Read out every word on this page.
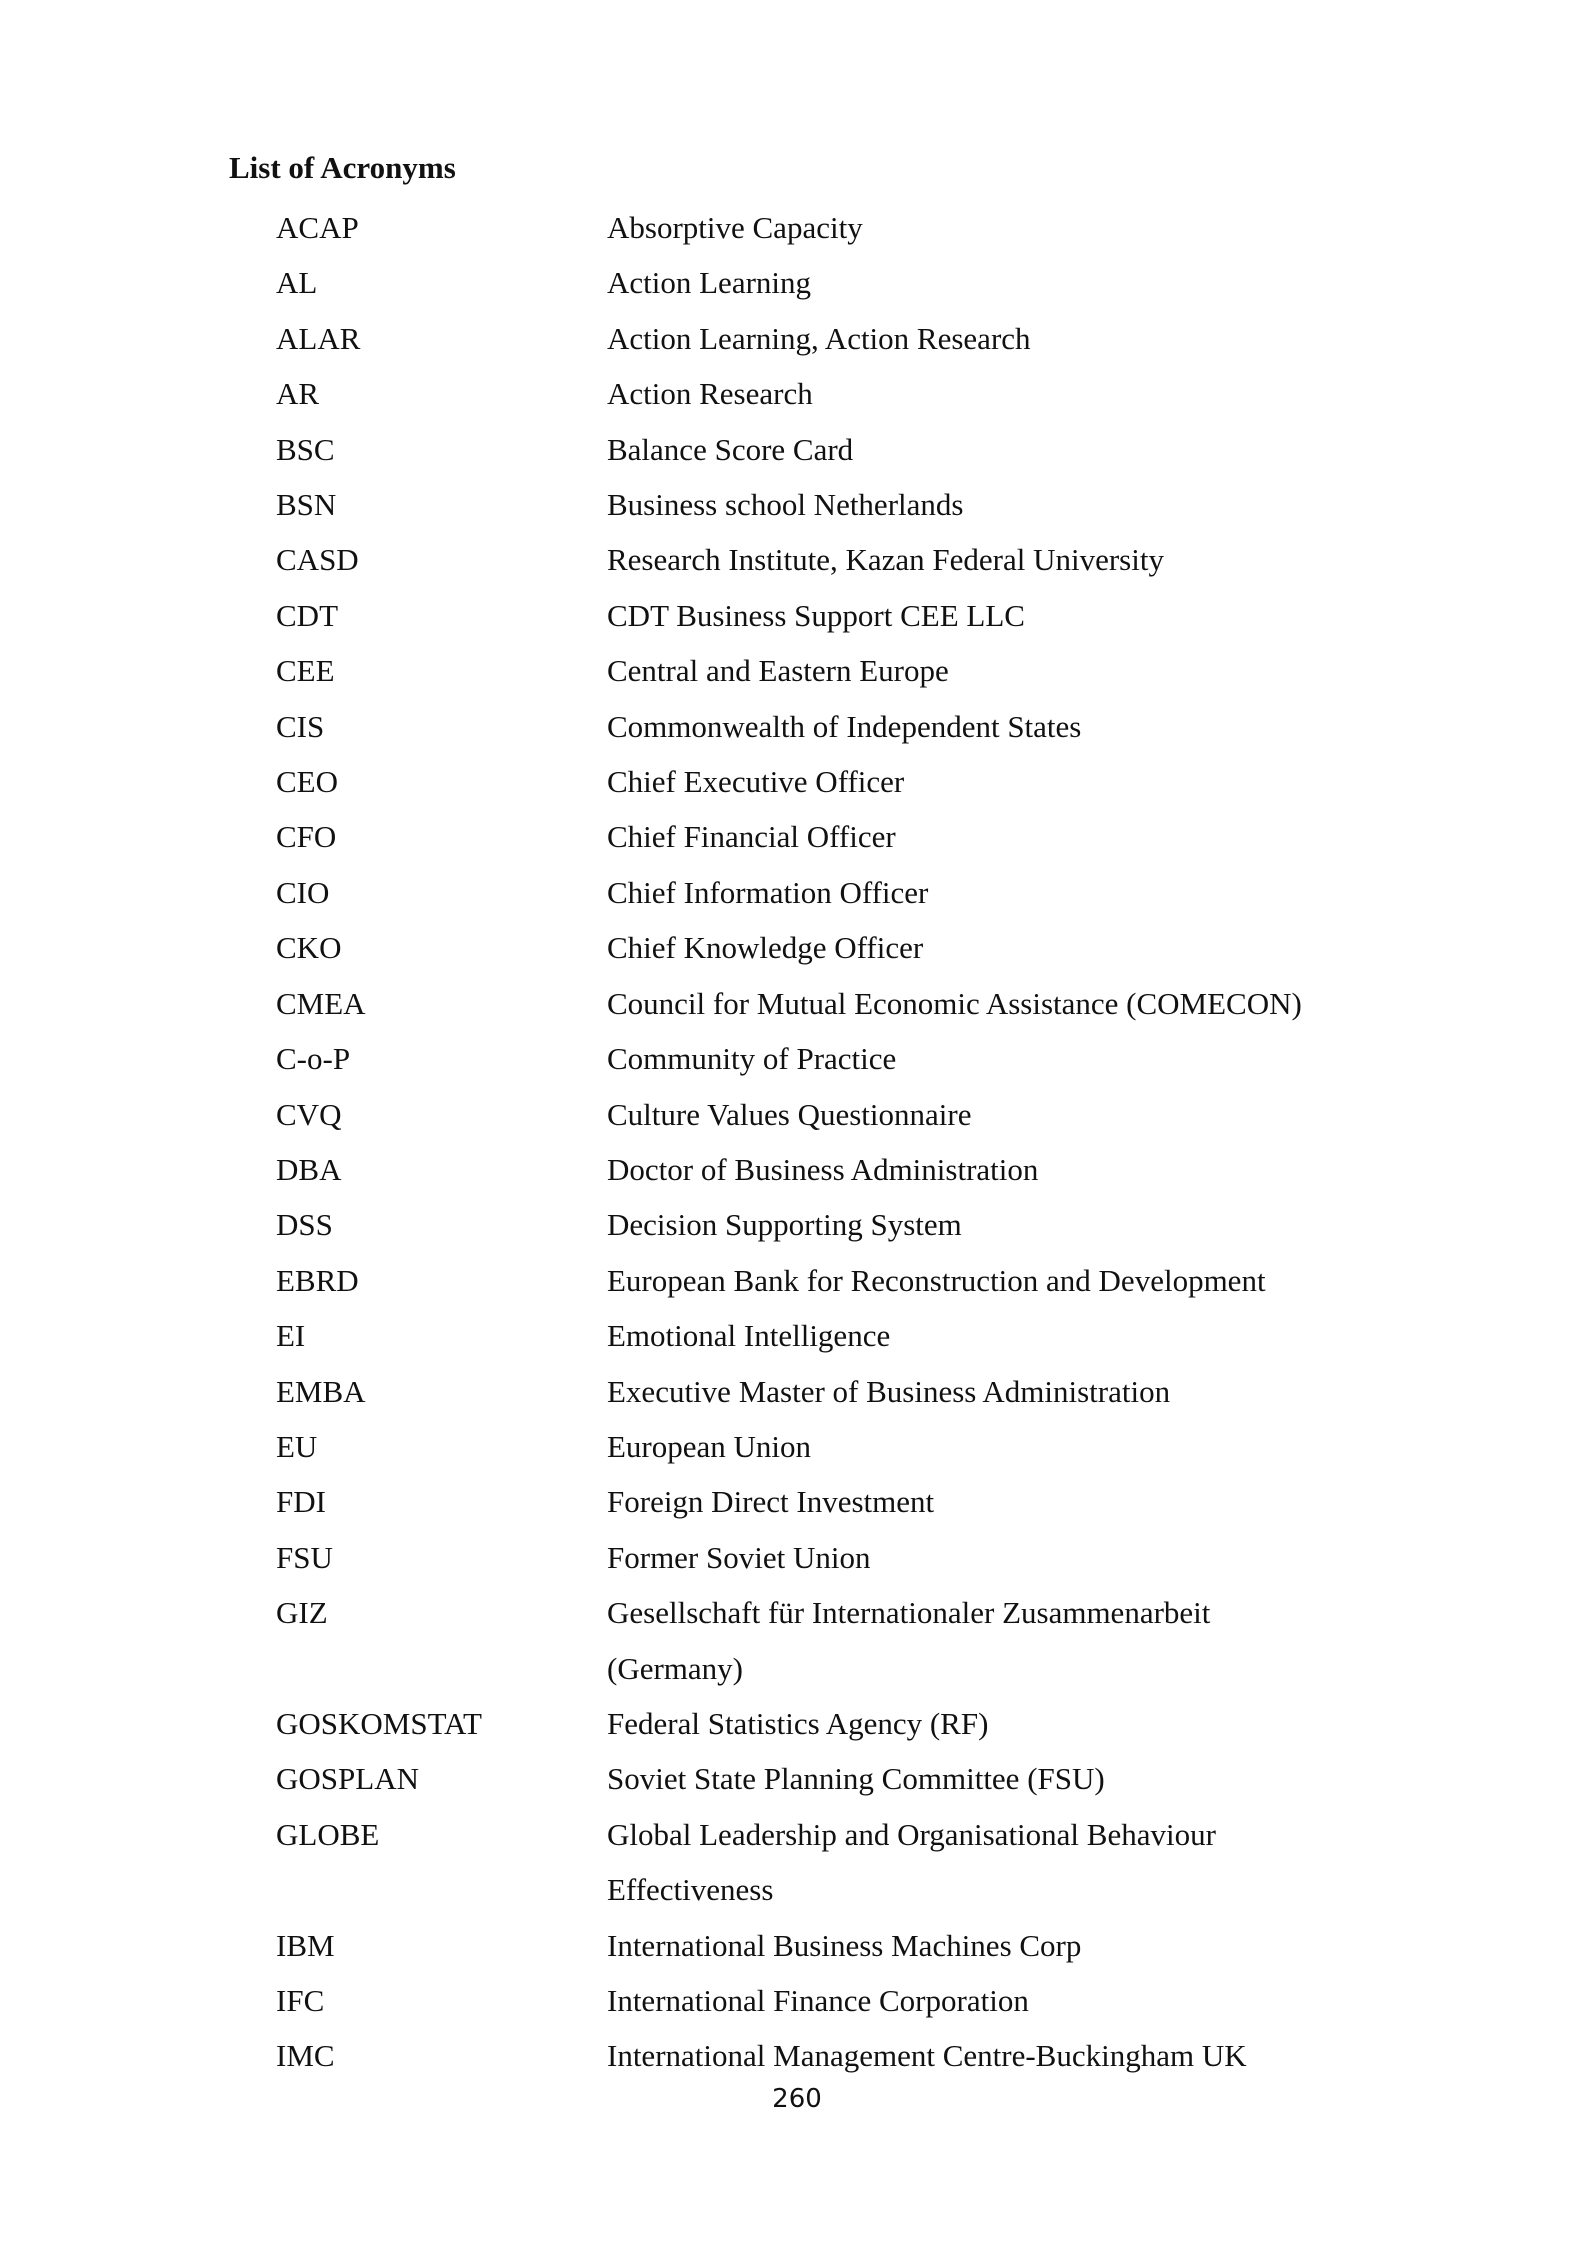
List of Acronyms
ACAP	Absorptive Capacity
AL	Action Learning
ALAR	Action Learning, Action Research
AR	Action Research
BSC	Balance Score Card
BSN	Business school Netherlands
CASD	Research Institute, Kazan Federal University
CDT	CDT Business Support CEE LLC
CEE	Central and Eastern Europe
CIS	Commonwealth of Independent States
CEO	Chief Executive Officer
CFO	Chief Financial Officer
CIO	Chief Information Officer
CKO	Chief Knowledge Officer
CMEA	Council for Mutual Economic Assistance (COMECON)
C-o-P	Community of Practice
CVQ	Culture Values Questionnaire
DBA	Doctor of Business Administration
DSS	Decision Supporting System
EBRD	European Bank for Reconstruction and Development
EI	Emotional Intelligence
EMBA	Executive Master of Business Administration
EU	European Union
FDI	Foreign Direct Investment
FSU	Former Soviet Union
GIZ	Gesellschaft für Internationaler Zusammenarbeit
(Germany)
GOSKOMSTAT	Federal Statistics Agency (RF)
GOSPLAN	Soviet State Planning Committee (FSU)
GLOBE	Global Leadership and Organisational Behaviour
Effectiveness
IBM	International Business Machines Corp
IFC	International Finance Corporation
IMC	International Management Centre-Buckingham UK
260
